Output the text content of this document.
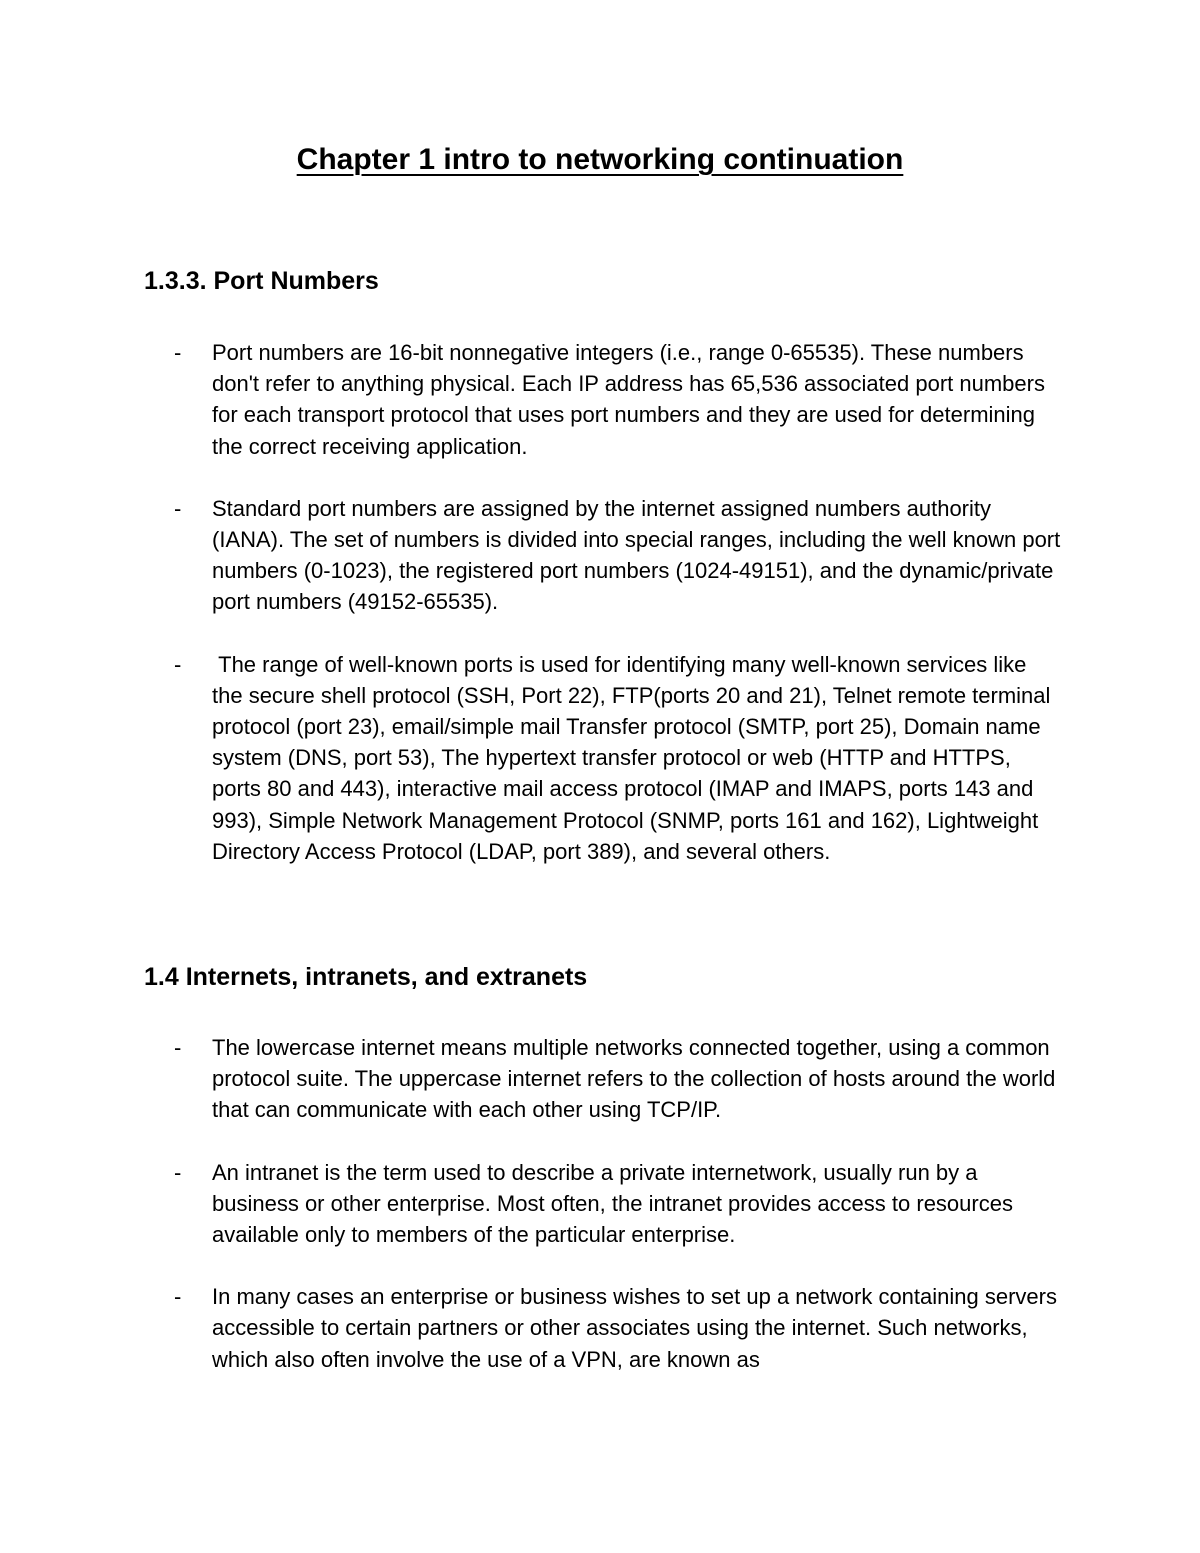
Chapter 1 intro to networking continuation
1.3.3. Port Numbers
- Port numbers are 16-bit nonnegative integers (i.e., range 0-65535). These numbers don't refer to anything physical. Each IP address has 65,536 associated port numbers for each transport protocol that uses port numbers and they are used for determining the correct receiving application.

- Standard port numbers are assigned by the internet assigned numbers authority (IANA). The set of numbers is divided into special ranges, including the well known port numbers (0-1023), the registered port numbers (1024-49151), and the dynamic/private port numbers (49152-65535).

- The range of well-known ports is used for identifying many well-known services like the secure shell protocol (SSH, Port 22), FTP(ports 20 and 21), Telnet remote terminal protocol (port 23), email/simple mail Transfer protocol (SMTP, port 25), Domain name system (DNS, port 53), The hypertext transfer protocol or web (HTTP and HTTPS, ports 80 and 443), interactive mail access protocol (IMAP and IMAPS, ports 143 and 993), Simple Network Management Protocol (SNMP, ports 161 and 162), Lightweight Directory Access Protocol (LDAP, port 389), and several others.

1.4 Internets, intranets, and extranets
- The lowercase internet means multiple networks connected together, using a common protocol suite. The uppercase internet refers to the collection of hosts around the world that can communicate with each other using TCP/IP.

- An intranet is the term used to describe a private internetwork, usually run by a business or other enterprise. Most often, the intranet provides access to resources available only to members of the particular enterprise.

- In many cases an enterprise or business wishes to set up a network containing servers accessible to certain partners or other associates using the internet. Such networks, which also often involve the use of a VPN, are known as
